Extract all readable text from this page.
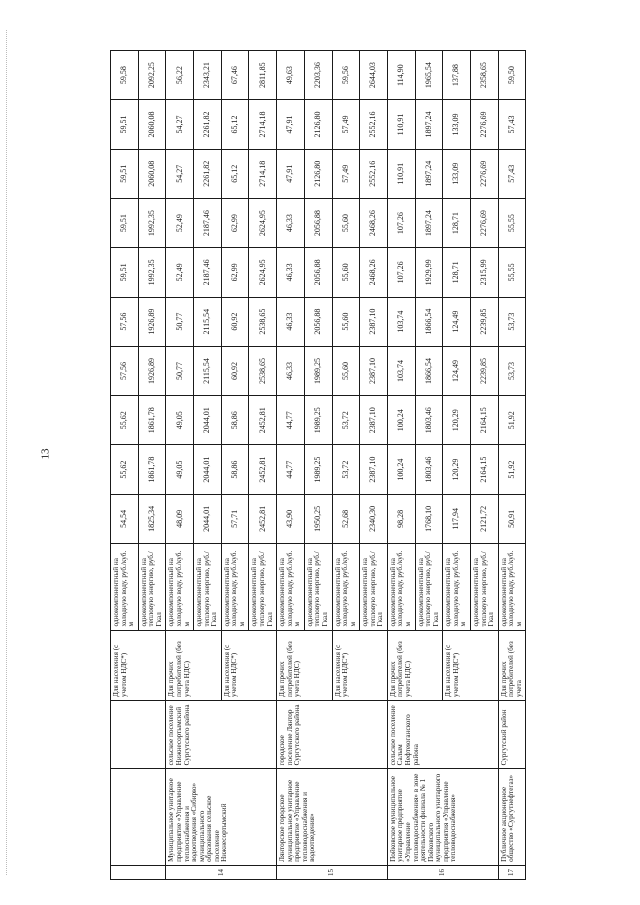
13
			Для населения (с учетом НДС*)	однокомпонентный на холодную воду, руб./куб. м	54,54	55,62	55,62	57,56	57,56	59,51	59,51	59,51	59,51	59,58
				однокомпонентный на тепловую энергию, руб./Гкал	1825,34	1861,78	1861,78	1926,89	1926,89	1992,35	1992,35	2060,08	2060,08	2092,25
14	Муниципальное унитарное предприятие «Управление теплоснабжения и водоотведения «Сибирю» муниципального образования сельское поселение Нижнесортымский	сельское поселение Нижнесортымский Сургутского района	Для прочих потребителей (без учета НДС)	однокомпонентный на холодную воду, руб./куб. м	48,09	49,05	49,05	50,77	50,77	52,49	52,49	54,27	54,27	56,22
				однокомпонентный на тепловую энергию, руб./Гкал	2044,01	2044,01	2044,01	2115,54	2115,54	2187,46	2187,46	2261,82	2261,82	2343,21
			Для населения (с учетом НДС*)	однокомпонентный на холодную воду, руб./куб. м	57,71	58,86	58,86	60,92	60,92	62,99	62,99	65,12	65,12	67,46
				однокомпонентный на тепловую энергию, руб./Гкал	2452,81	2452,81	2452,81	2538,65	2538,65	2624,95	2624,95	2714,18	2714,18	2811,85
15	Лянторское городское муниципальное унитарное предприятие «Управление тепловодоснабжения и водоотведения»	городское поселение Лянтор Сургутского района	Для прочих потребителей (без учета НДС)	однокомпонентный на холодную воду, руб./куб. м	43,90	44,77	44,77	46,33	46,33	46,33	46,33	47,91	47,91	49,63
				однокомпонентный на тепловую энергию, руб./Гкал	1950,25	1989,25	1989,25	1989,25	2056,88	2056,88	2056,88	2126,80	2126,80	2203,36
			Для населения (с учетом НДС*)	однокомпонентный на холодную воду, руб./куб. м	52,68	53,72	53,72	55,60	55,60	55,60	55,60	57,49	57,49	59,56
				однокомпонентный на тепловую энергию, руб./Гкал	2340,30	2387,10	2387,10	2387,10	2387,10	2468,26	2468,26	2552,16	2552,16	2644,03
16	Пойковское муниципальное унитарное предприятие «Управление тепловодоснабжения» в зоне деятельности филиала № 1 Пойковского муниципального унитарного предприятия «Управление тепловодоснабжения»	сельское поселение Салым Нефтеюганского района	Для прочих потребителей (без учета НДС)	однокомпонентный на холодную воду, руб./куб. м	98,28	100,24	100,24	103,74	103,74	107,26	107,26	110,91	110,91	114,90
				однокомпонентный на тепловую энергию, руб./Гкал	1768,10	1803,46	1803,46	1866,54	1866,54	1929,99	1897,24	1897,24	1897,24	1965,54
			Для населения (с учетом НДС*)	однокомпонентный на холодную воду, руб./куб. м	117,94	120,29	120,29	124,49	124,49	128,71	128,71	133,09	133,09	137,88
				однокомпонентный на тепловую энергию, руб./Гкал	2121,72	2164,15	2164,15	2239,85	2239,85	2315,99	2276,69	2276,69	2276,69	2358,65
17	Публичное акционерное общество «Сургутнефтегаз»	Сургутский район	Для прочих потребителей (без учета	однокомпонентный на холодную воду, руб./куб. м	50,91	51,92	51,92	53,73	53,73	55,55	55,55	57,43	57,43	59,50
